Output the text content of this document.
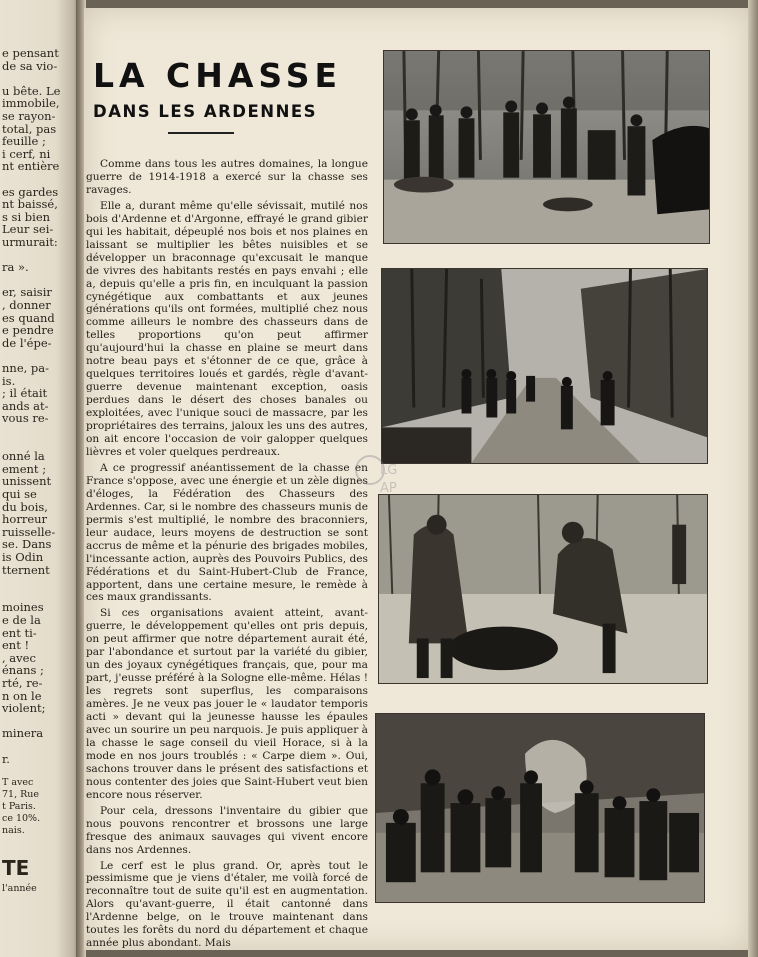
e pensant
de sa vio-
u bête. Le
immobile,
se rayon-
total, pas
feuille ;
i cerf, ni
nt entière
es gardes
nt baissé,
s si bien
Leur sei-
urmurait:
ra ».
er, saisir
, donner
es quand
e pendre
de l'épe-
nne, pa-
is.
; il était
ands at-
vous re-
onné la
ement ;
unissent
qui se
du bois,
horreur
ruisselle-
se. Dans
is Odin
tternent
moines
e de la
ent ti-
ent !
, avec
énans ;
rté, re-
n on le
violent;
minera
r.
T avec
71, Rue
t Paris.
ce 10%.
nais.
TE
l'année
LA CHASSE
DANS LES ARDENNES

Comme dans tous les autres domaines, la longue guerre de 1914-1918 a exercé sur la chasse ses ravages.

Elle a, durant même qu'elle sévissait, mutilé nos bois d'Ardenne et d'Argonne, effrayé le grand gibier qui les habitait, dépeuplé nos bois et nos plaines en laissant se multiplier les bêtes nuisibles et se développer un braconnage qu'excusait le manque de vivres des habitants restés en pays envahi ; elle a, depuis qu'elle a pris fin, en inculquant la passion cynégétique aux combattants et aux jeunes générations qu'ils ont formées, multiplié chez nous comme ailleurs le nombre des chasseurs dans de telles proportions qu'on peut affirmer qu'aujourd'hui la chasse en plaine se meurt dans notre beau pays et s'étonner de ce que, grâce à quelques territoires loués et gardés, règle d'avant-guerre devenue maintenant exception, oasis perdues dans le désert des choses banales ou exploitées, avec l'unique souci de massacre, par les propriétaires des terrains, jaloux les uns des autres, on ait encore l'occasion de voir galopper quelques lièvres et voler quelques perdreaux.

A ce progressif anéantissement de la chasse en France s'oppose, avec une énergie et un zèle dignes d'éloges, la Fédération des Chasseurs des Ardennes. Car, si le nombre des chasseurs munis de permis s'est multiplié, le nombre des braconniers, leur audace, leurs moyens de destruction se sont accrus de même et la pénurie des brigades mobiles, l'incessante action, auprès des Pouvoirs Publics, des Fédérations et du Saint-Hubert-Club de France, apportent, dans une certaine mesure, le remède à ces maux grandissants.

Si ces organisations avaient atteint, avant-guerre, le développement qu'elles ont pris depuis, on peut affirmer que notre département aurait été, par l'abondance et surtout par la variété du gibier, un des joyaux cynégétiques français, que, pour ma part, j'eusse préféré à la Sologne elle-même. Hélas ! les regrets sont superflus, les comparaisons amères. Je ne veux pas jouer le « laudator temporis acti » devant qui la jeunesse hausse les épaules avec un sourire un peu narquois. Je puis appliquer à la chasse le sage conseil du vieil Horace, si à la mode en nos jours troublés : « Carpe diem ». Oui, sachons trouver dans le présent des satisfactions et nous contenter des joies que Saint-Hubert veut bien encore nous réserver.

Pour cela, dressons l'inventaire du gibier que nous pouvons rencontrer et brossons une large fresque des animaux sauvages qui vivent encore dans nos Ardennes.

Le cerf est le plus grand. Or, après tout le pessimisme que je viens d'étaler, me voilà forcé de reconnaître tout de suite qu'il est en augmentation. Alors qu'avant-guerre, il était cantonné dans l'Ardenne belge, on le trouve maintenant dans toutes les forêts du nord du département et chaque année plus abondant. Mais

LG
AP
